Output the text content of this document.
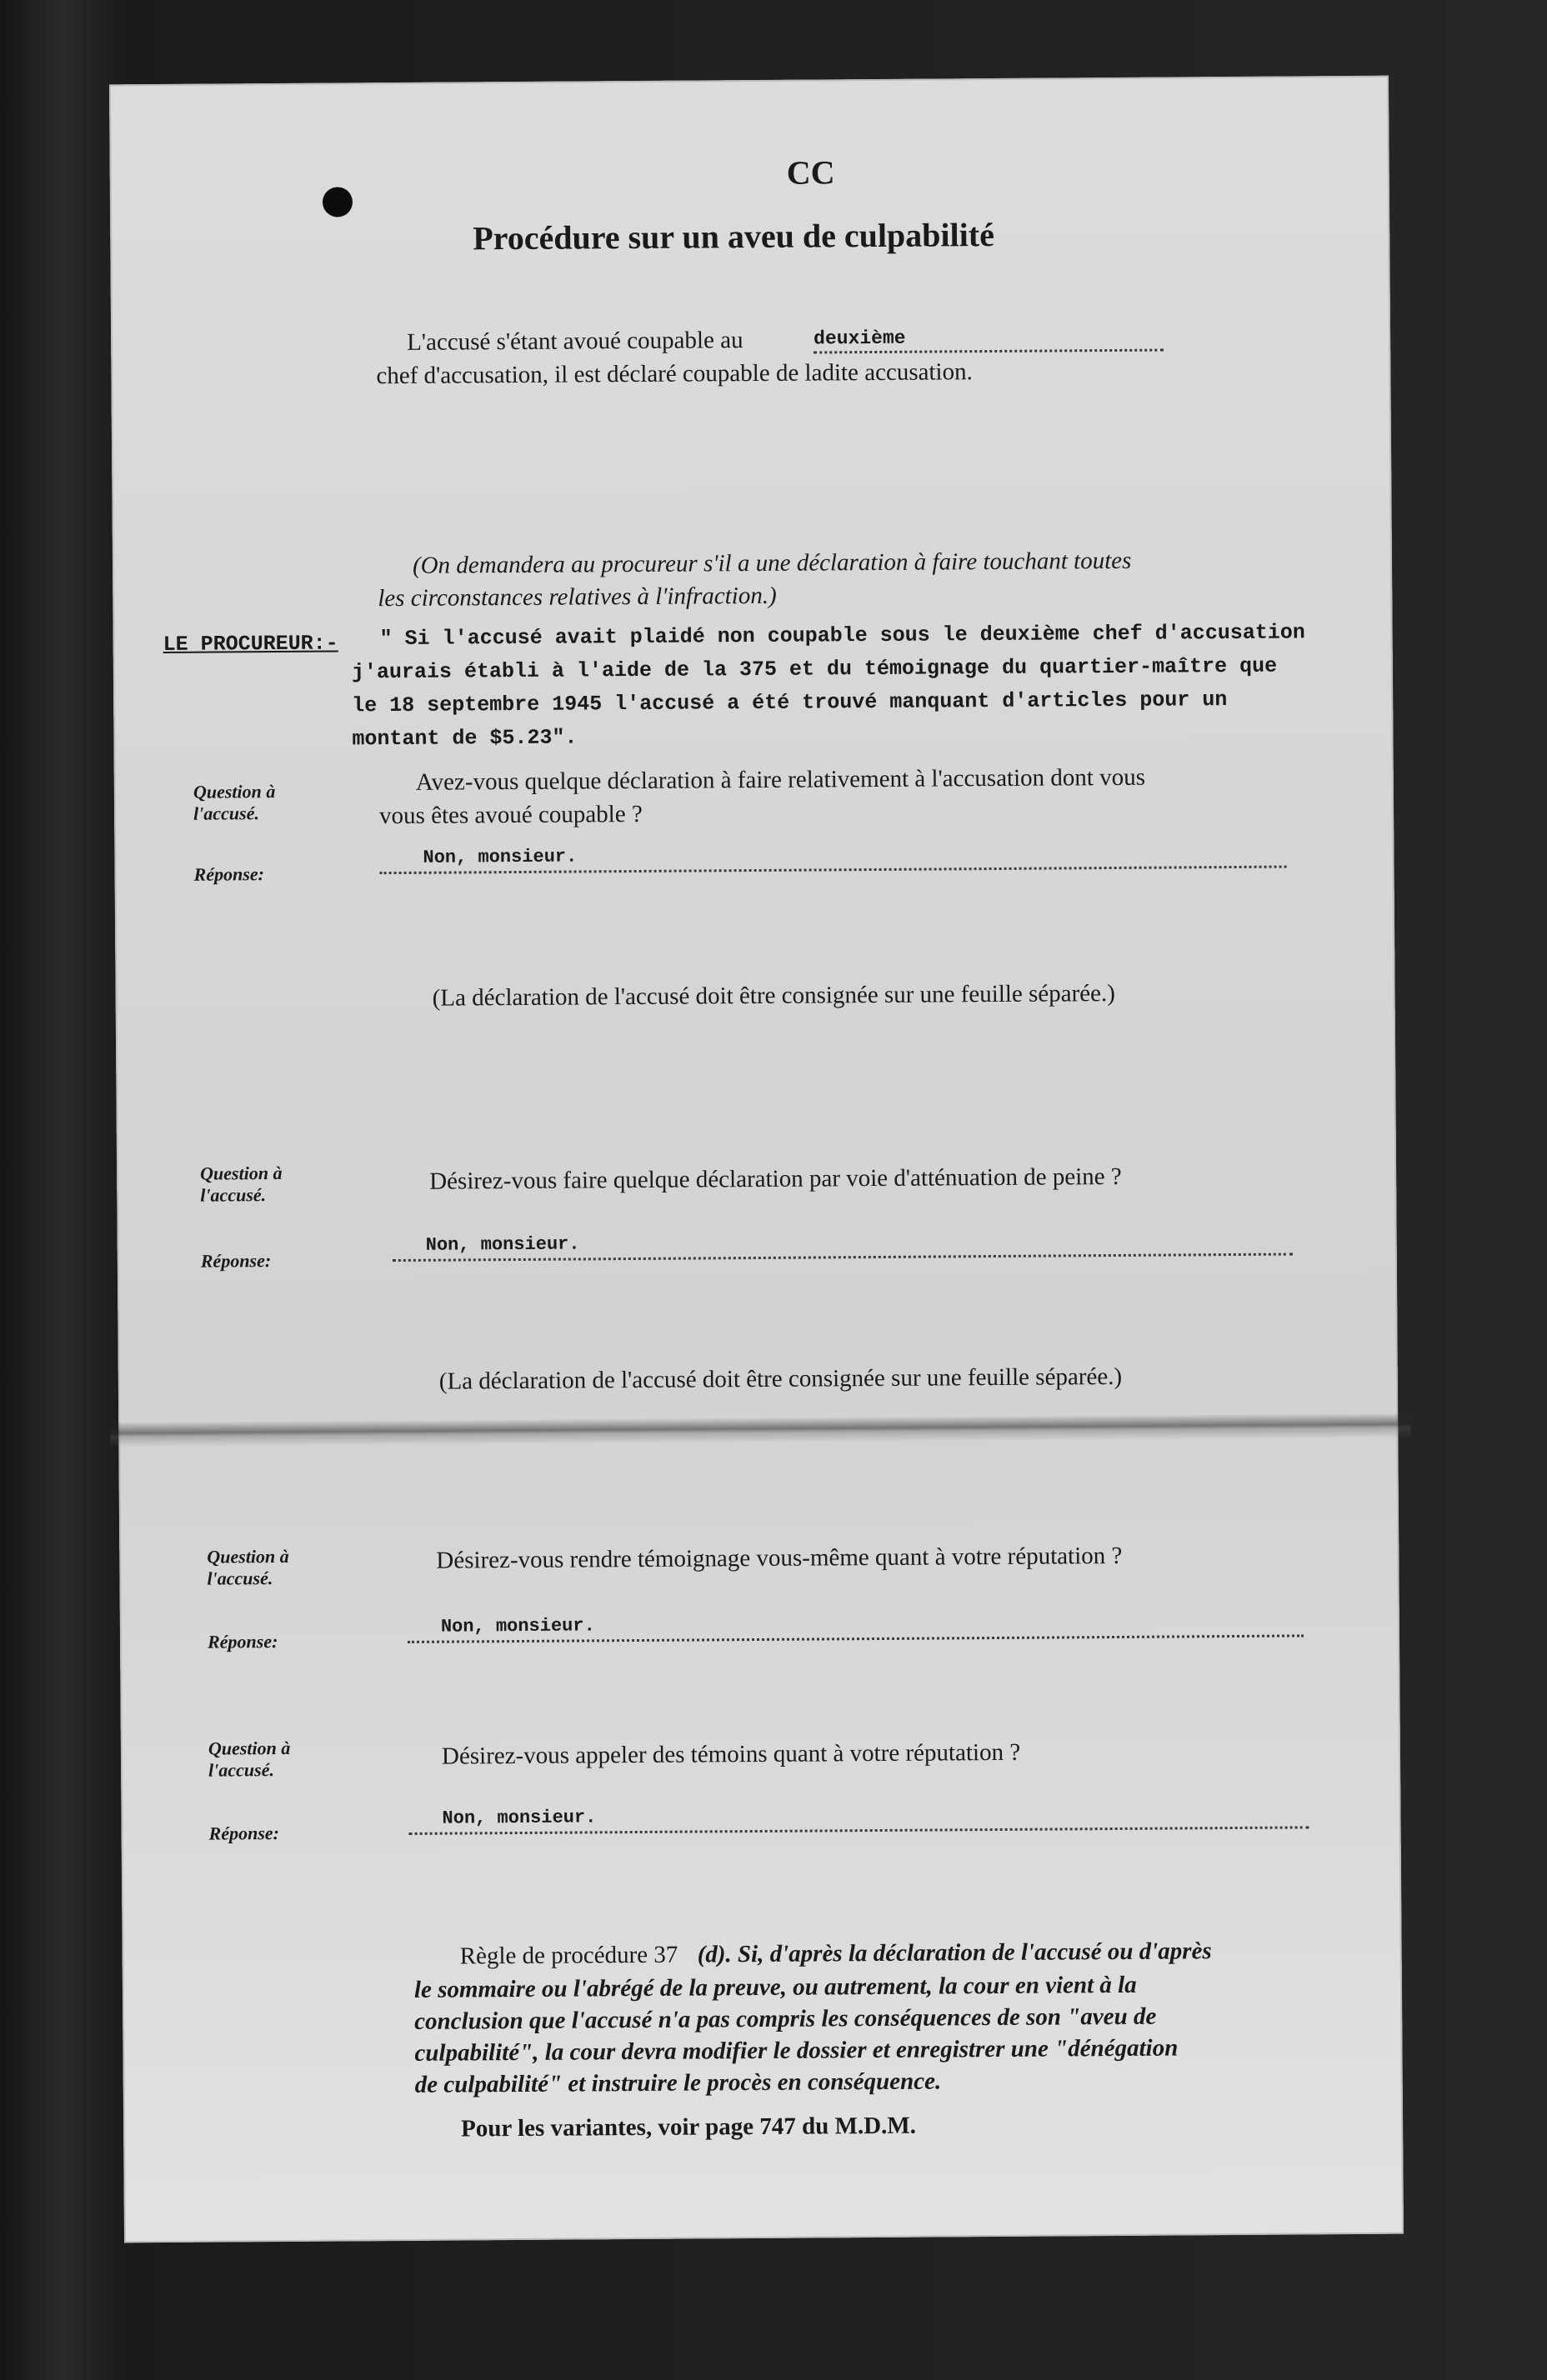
CC
Procédure sur un aveu de culpabilité
L'accusé s'étant avoué coupable au	deuxième
chef d'accusation, il est déclaré coupable de ladite accusation.
(On demandera au procureur s'il a une déclaration à faire touchant toutes
les circonstances relatives à l'infraction.)
LE PROCUREUR:- " Si l'accusé avait plaidé non coupable sous le deuxième chef d'accusation
j'aurais établi à l'aide de la 375 et du témoignage du quartier-maître que
le 18 septembre 1945 l'accusé a été trouvé manquant d'articles pour un
montant de $5.23".
Question à l'accusé.
Avez-vous quelque déclaration à faire relativement à l'accusation dont vous
vous êtes avoué coupable ?
Réponse:
Non, monsieur.
(La déclaration de l'accusé doit être consignée sur une feuille séparée.)
Question à l'accusé.
Désirez-vous faire quelque déclaration par voie d'atténuation de peine ?
Réponse:
Non, monsieur.
(La déclaration de l'accusé doit être consignée sur une feuille séparée.)
Question à l'accusé.
Désirez-vous rendre témoignage vous-même quant à votre réputation ?
Réponse:
Non, monsieur.
Question à l'accusé.
Désirez-vous appeler des témoins quant à votre réputation ?
Réponse:
Non, monsieur.
Règle de procédure 37 (d). Si, d'après la déclaration de l'accusé ou d'après
le sommaire ou l'abrégé de la preuve, ou autrement, la cour en vient à la
conclusion que l'accusé n'a pas compris les conséquences de son "aveu de
culpabilité", la cour devra modifier le dossier et enregistrer une "dénégation
de culpabilité" et instruire le procès en conséquence.
Pour les variantes, voir page 747 du M.D.M.
